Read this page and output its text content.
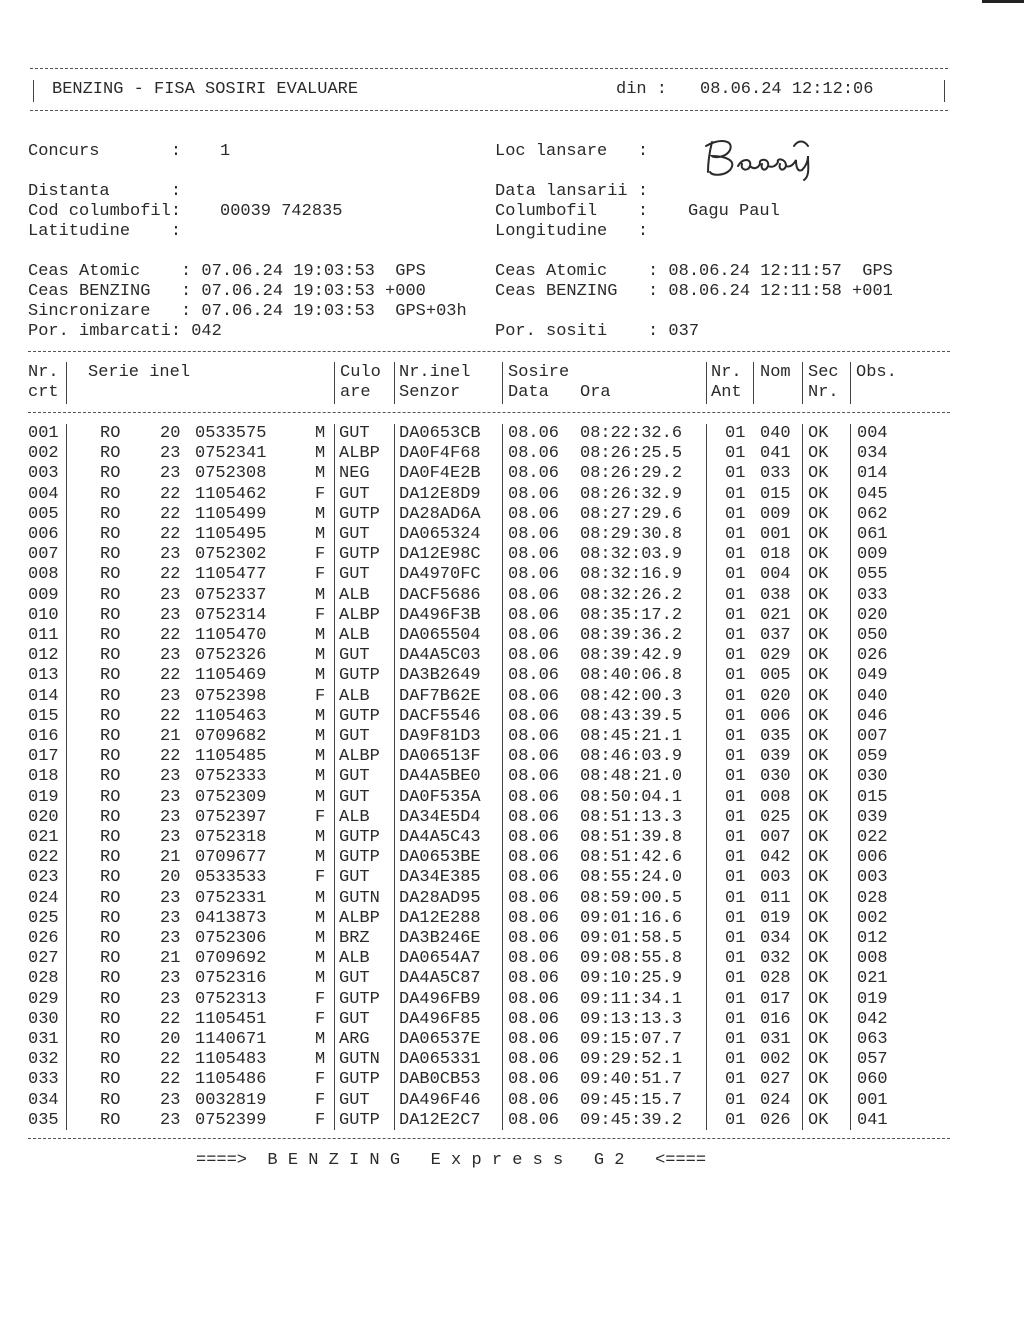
BENZING - FISA SOSIRI EVALUARE	din : 08.06.24 12:12:06
Concurs       : 1	Loc lansare   :
Distanta      :	Data lansarii :
Cod columbofil: 00039 742835	Columbofil    : Gagu Paul
Latitudine    :	Longitudine   :
Ceas Atomic    : 07.06.24 19:03:53  GPS	Ceas Atomic    : 08.06.24 12:11:57  GPS
Ceas BENZING   : 07.06.24 19:03:53 +000	Ceas BENZING   : 08.06.24 12:11:58 +001
Sincronizare   : 07.06.24 19:03:53  GPS+03h
Por. imbarcati: 042	Por. sositi    : 037
Nr.
crt
Serie inel	Culo
are
Nr.inel
Senzor
Sosire
Data Ora
Nr.
Ant
Nom Sec
Nr.
Obs.
001 RO 20 0533575	M GUT DA0653CB 08.06 08:22:32.6	01 040 OK 004
002 RO 23 0752341	M ALBP DA0F4F68 08.06 08:26:25.5	01 041 OK 034
003 RO 23 0752308	M NEG DA0F4E2B 08.06 08:26:29.2	01 033 OK 014
004 RO 22 1105462	F GUT DA12E8D9 08.06 08:26:32.9	01 015 OK 045
005 RO 22 1105499	M GUTP DA28AD6A 08.06 08:27:29.6	01 009 OK 062
006 RO 22 1105495	M GUT DA065324 08.06 08:29:30.8	01 001 OK 061
007 RO 23 0752302	F GUTP DA12E98C 08.06 08:32:03.9	01 018 OK 009
008 RO 22 1105477	F GUT DA4970FC 08.06 08:32:16.9	01 004 OK 055
009 RO 23 0752337	M ALB DACF5686 08.06 08:32:26.2	01 038 OK 033
010 RO 23 0752314	F ALBP DA496F3B 08.06 08:35:17.2	01 021 OK 020
011 RO 22 1105470	M ALB DA065504 08.06 08:39:36.2	01 037 OK 050
012 RO 23 0752326	M GUT DA4A5C03 08.06 08:39:42.9	01 029 OK 026
013 RO 22 1105469	M GUTP DA3B2649 08.06 08:40:06.8	01 005 OK 049
014 RO 23 0752398	F ALB DAF7B62E 08.06 08:42:00.3	01 020 OK 040
015 RO 22 1105463	M GUTP DACF5546 08.06 08:43:39.5	01 006 OK 046
016 RO 21 0709682	M GUT DA9F81D3 08.06 08:45:21.1	01 035 OK 007
017 RO 22 1105485	M ALBP DA06513F 08.06 08:46:03.9	01 039 OK 059
018 RO 23 0752333	M GUT DA4A5BE0 08.06 08:48:21.0	01 030 OK 030
019 RO 23 0752309	M GUT DA0F535A 08.06 08:50:04.1	01 008 OK 015
020 RO 23 0752397	F ALB DA34E5D4 08.06 08:51:13.3	01 025 OK 039
021 RO 23 0752318	M GUTP DA4A5C43 08.06 08:51:39.8	01 007 OK 022
022 RO 21 0709677	M GUTP DA0653BE 08.06 08:51:42.6	01 042 OK 006
023 RO 20 0533533	F GUT DA34E385 08.06 08:55:24.0	01 003 OK 003
024 RO 23 0752331	M GUTN DA28AD95 08.06 08:59:00.5	01 011 OK 028
025 RO 23 0413873	M ALBP DA12E288 08.06 09:01:16.6	01 019 OK 002
026 RO 23 0752306	M BRZ DA3B246E 08.06 09:01:58.5	01 034 OK 012
027 RO 21 0709692	M ALB DA0654A7 08.06 09:08:55.8	01 032 OK 008
028 RO 23 0752316	M GUT DA4A5C87 08.06 09:10:25.9	01 028 OK 021
029 RO 23 0752313	F GUTP DA496FB9 08.06 09:11:34.1	01 017 OK 019
030 RO 22 1105451	F GUT DA496F85 08.06 09:13:13.3	01 016 OK 042
031 RO 20 1140671	M ARG DA06537E 08.06 09:15:07.7	01 031 OK 063
032 RO 22 1105483	M GUTN DA065331 08.06 09:29:52.1	01 002 OK 057
033 RO 22 1105486	F GUTP DAB0CB53 08.06 09:40:51.7	01 027 OK 060
034 RO 23 0032819	F GUT DA496F46 08.06 09:45:15.7	01 024 OK 001
035 RO 23 0752399	F GUTP DA12E2C7 08.06 09:45:39.2	01 026 OK 041
====>  B E N Z I N G   E x p r e s s   G 2   <====
